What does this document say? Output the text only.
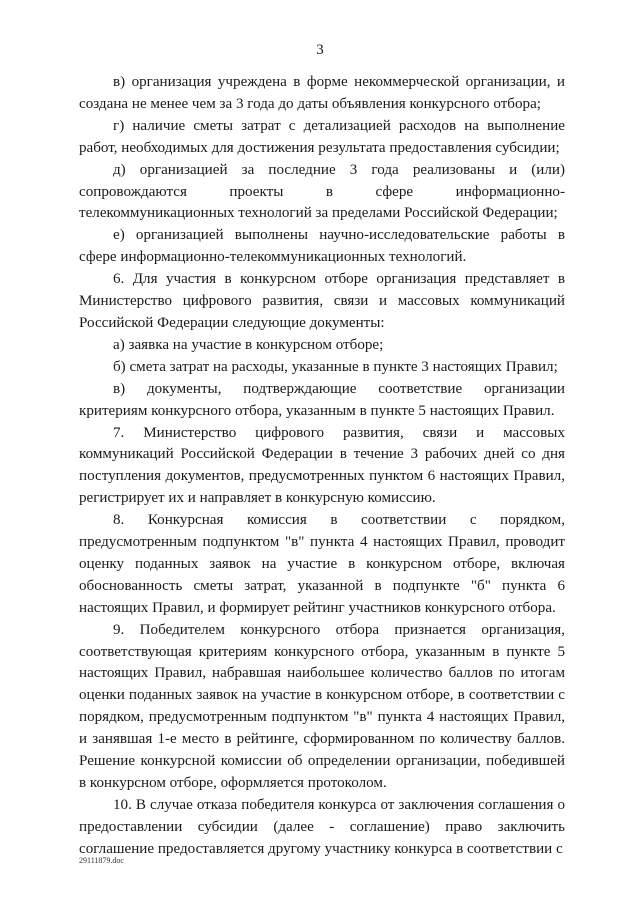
3

в) организация учреждена в форме некоммерческой организации, и создана не менее чем за 3 года до даты объявления конкурсного отбора;

г) наличие сметы затрат с детализацией расходов на выполнение работ, необходимых для достижения результата предоставления субсидии;

д) организацией за последние 3 года реализованы и (или) сопровождаются проекты в сфере информационно-телекоммуникационных технологий за пределами Российской Федерации;

е) организацией выполнены научно-исследовательские работы в сфере информационно-телекоммуникационных технологий.

6. Для участия в конкурсном отборе организация представляет в Министерство цифрового развития, связи и массовых коммуникаций Российской Федерации следующие документы:

а) заявка на участие в конкурсном отборе;

б) смета затрат на расходы, указанные в пункте 3 настоящих Правил;

в) документы, подтверждающие соответствие организации критериям конкурсного отбора, указанным в пункте 5 настоящих Правил.

7. Министерство цифрового развития, связи и массовых коммуникаций Российской Федерации в течение 3 рабочих дней со дня поступления документов, предусмотренных пунктом 6 настоящих Правил, регистрирует их и направляет в конкурсную комиссию.

8. Конкурсная комиссия в соответствии с порядком, предусмотренным подпунктом "в" пункта 4 настоящих Правил, проводит оценку поданных заявок на участие в конкурсном отборе, включая обоснованность сметы затрат, указанной в подпункте "б" пункта 6 настоящих Правил, и формирует рейтинг участников конкурсного отбора.

9. Победителем конкурсного отбора признается организация, соответствующая критериям конкурсного отбора, указанным в пункте 5 настоящих Правил, набравшая наибольшее количество баллов по итогам оценки поданных заявок на участие в конкурсном отборе, в соответствии с порядком, предусмотренным подпунктом "в" пункта 4 настоящих Правил, и занявшая 1-е место в рейтинге, сформированном по количеству баллов. Решение конкурсной комиссии об определении организации, победившей в конкурсном отборе, оформляется протоколом.

10. В случае отказа победителя конкурса от заключения соглашения о предоставлении субсидии (далее - соглашение) право заключить соглашение предоставляется другому участнику конкурса в соответствии с

29111879.doc
